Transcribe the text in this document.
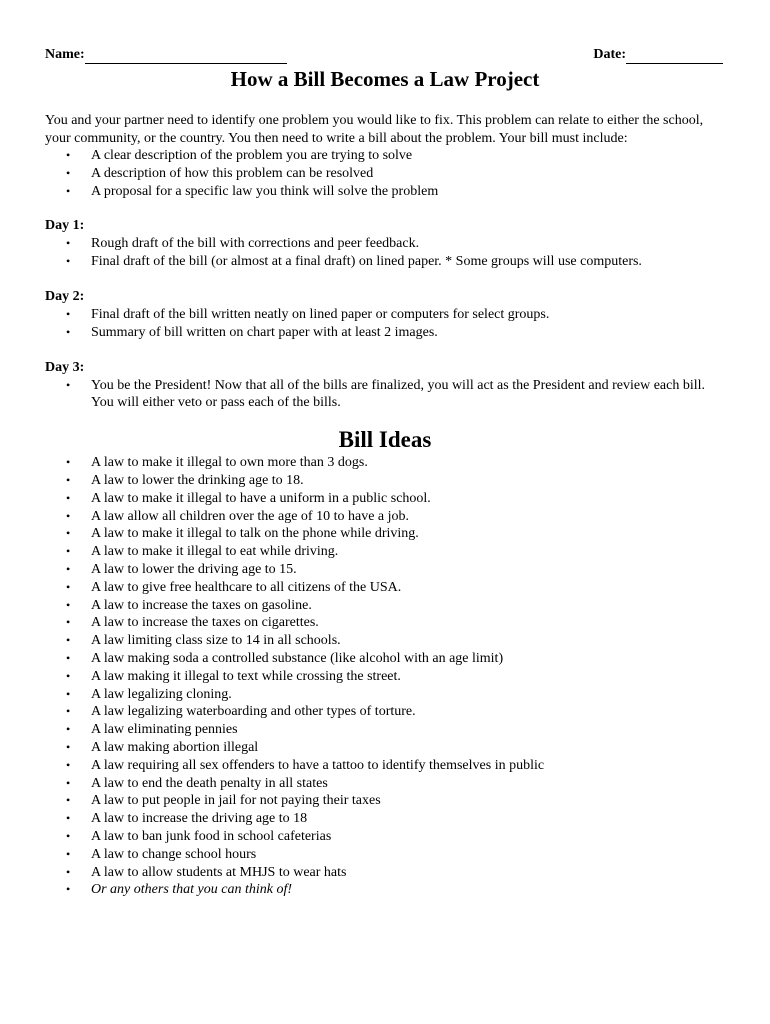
Name:	Date:
How a Bill Becomes a Law Project
You and your partner need to identify one problem you would like to fix. This problem can relate to either the school, your community, or the country. You then need to write a bill about the problem. Your bill must include:
• A clear description of the problem you are trying to solve
• A description of how this problem can be resolved
• A proposal for a specific law you think will solve the problem
Day 1:
• Rough draft of the bill with corrections and peer feedback.
• Final draft of the bill (or almost at a final draft) on lined paper. * Some groups will use computers.
Day 2:
• Final draft of the bill written neatly on lined paper or computers for select groups.
• Summary of bill written on chart paper with at least 2 images.
Day 3:
• You be the President! Now that all of the bills are finalized, you will act as the President and review each bill. You will either veto or pass each of the bills.
Bill Ideas
• A law to make it illegal to own more than 3 dogs.
• A law to lower the drinking age to 18.
• A law to make it illegal to have a uniform in a public school.
• A law allow all children over the age of 10 to have a job.
• A law to make it illegal to talk on the phone while driving.
• A law to make it illegal to eat while driving.
• A law to lower the driving age to 15.
• A law to give free healthcare to all citizens of the USA.
• A law to increase the taxes on gasoline.
• A law to increase the taxes on cigarettes.
• A law limiting class size to 14 in all schools.
• A law making soda a controlled substance (like alcohol with an age limit)
• A law making it illegal to text while crossing the street.
• A law legalizing cloning.
• A law legalizing waterboarding and other types of torture.
• A law eliminating pennies
• A law making abortion illegal
• A law requiring all sex offenders to have a tattoo to identify themselves in public
• A law to end the death penalty in all states
• A law to put people in jail for not paying their taxes
• A law to increase the driving age to 18
• A law to ban junk food in school cafeterias
• A law to change school hours
• A law to allow students at MHJS to wear hats
• Or any others that you can think of!
